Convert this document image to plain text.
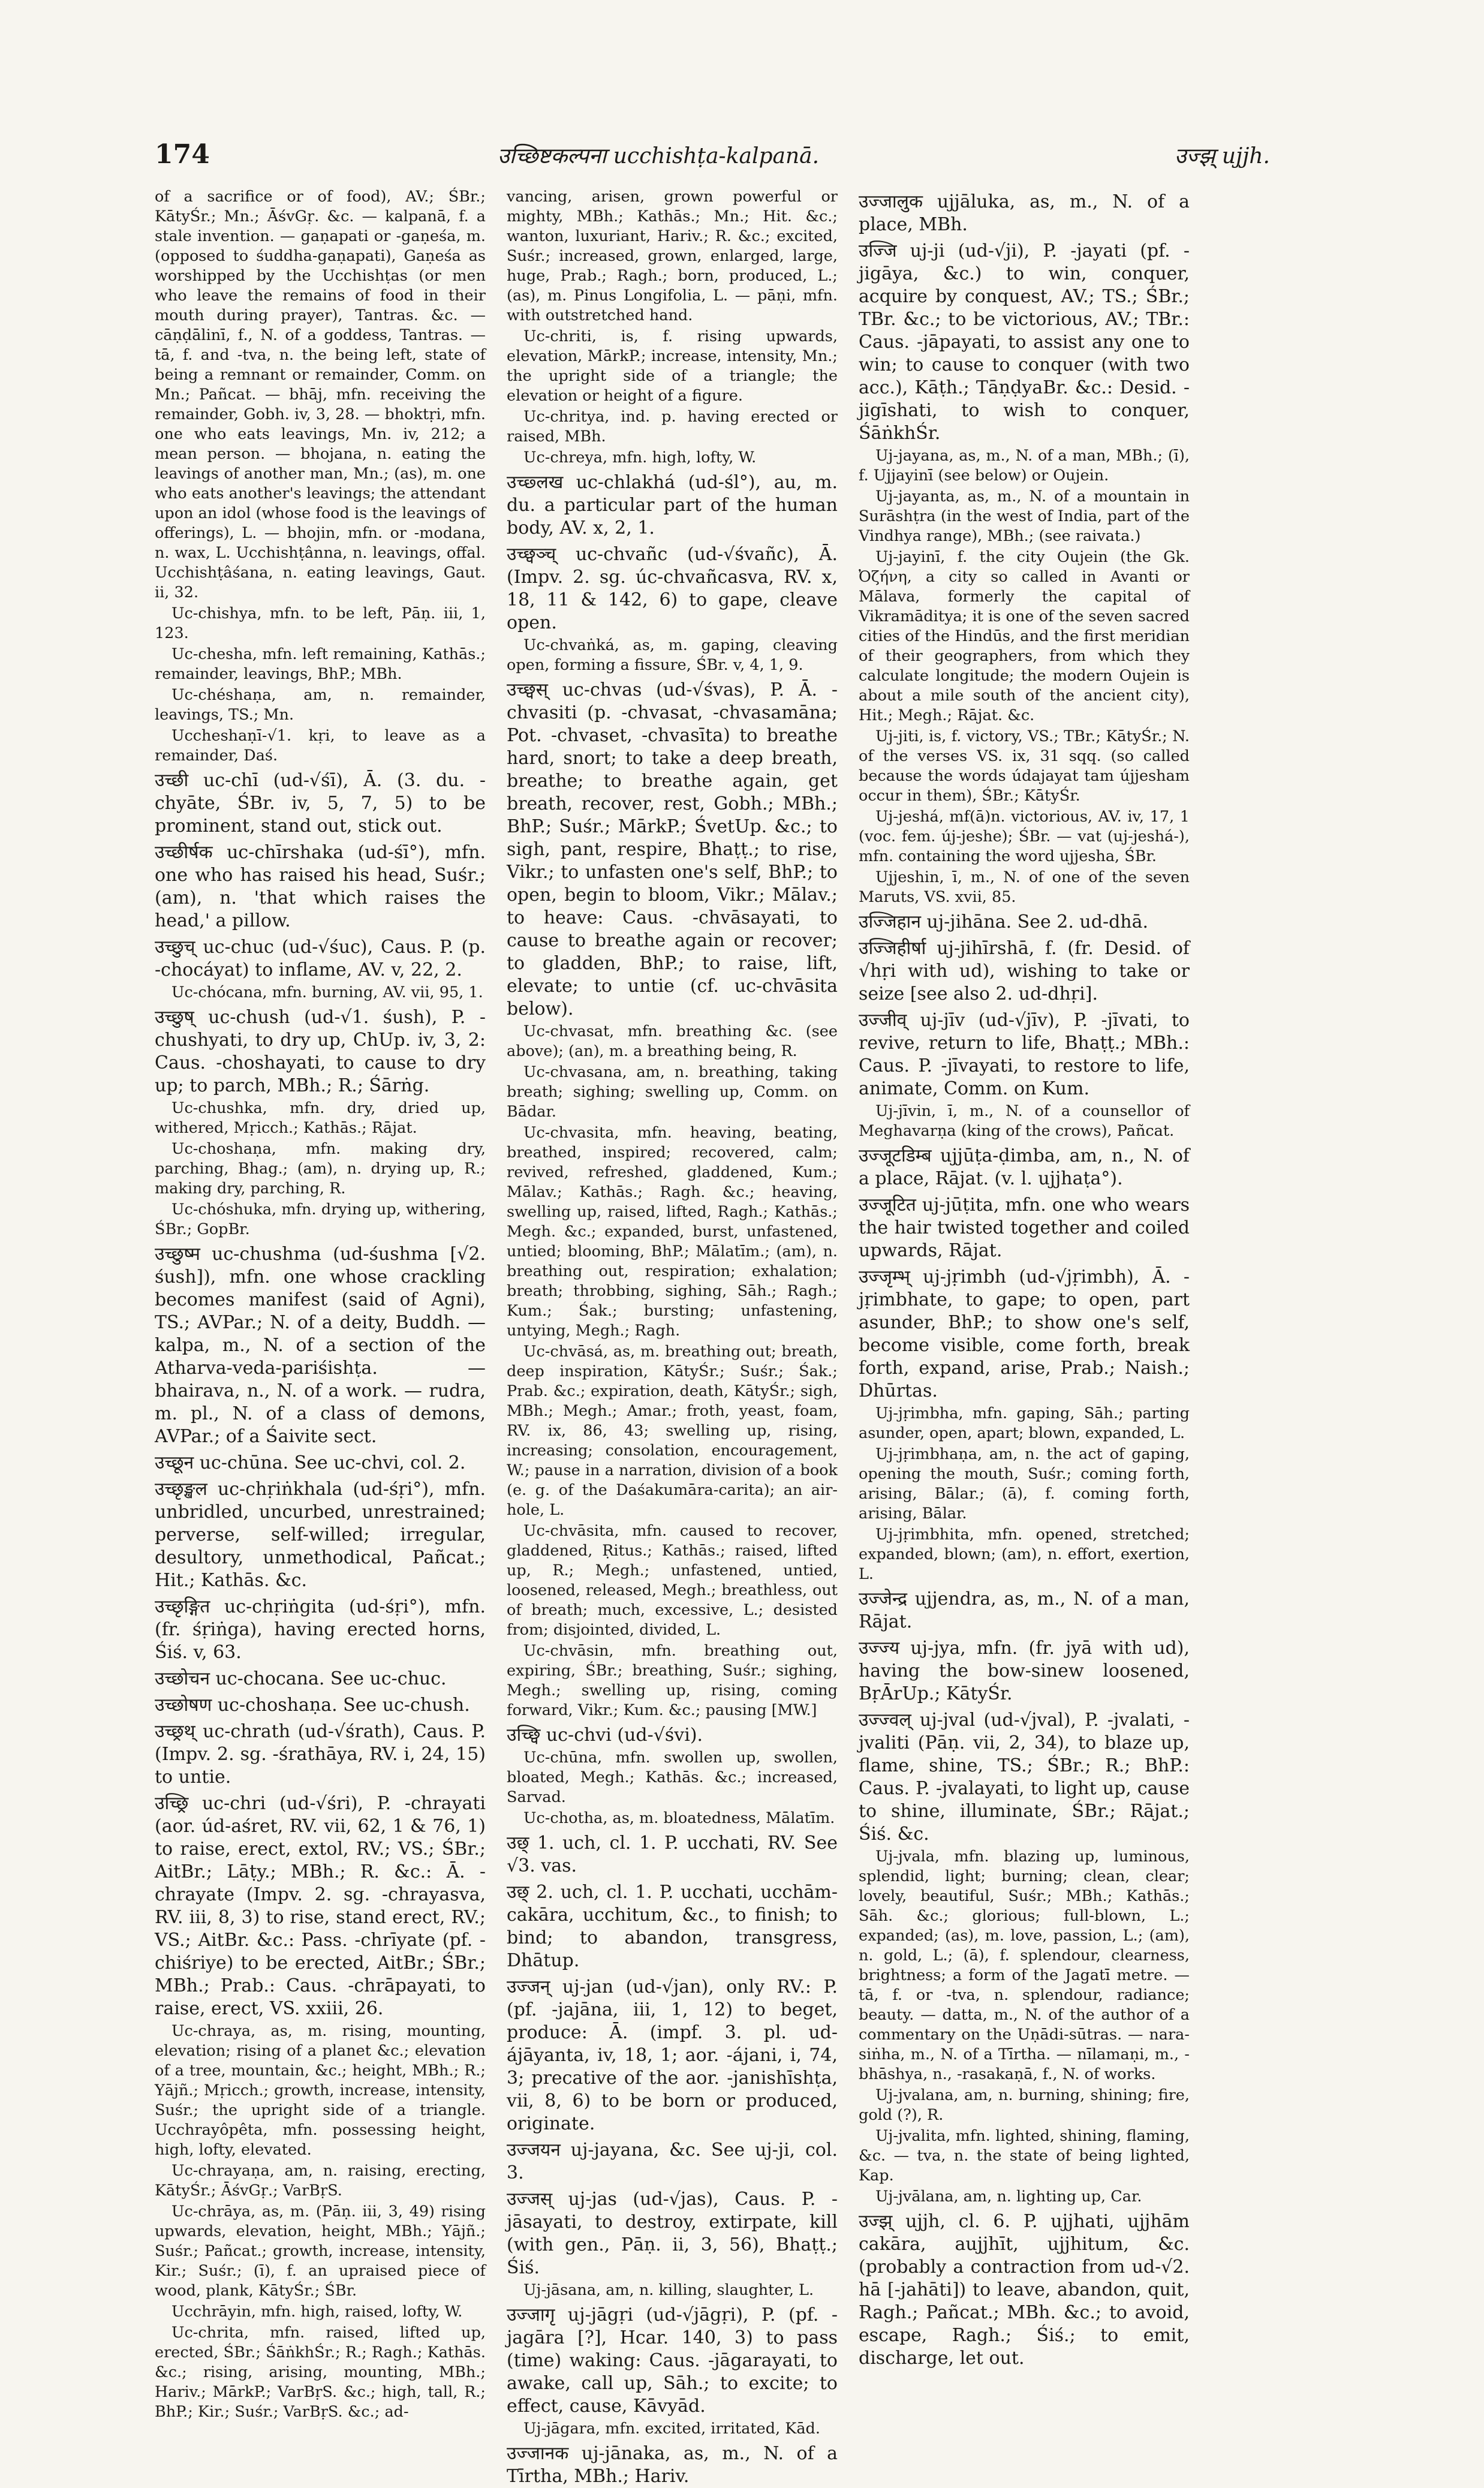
174	उच्छिष्टकल्पना ucchishṭa-kalpanā.	उज्झ् ujjh.

of a sacrifice or of food), AV.; ŚBr.; KātyŚr.; Mn.; ĀśvGṛ. &c. — kalpanā, f. a stale invention. — gaṇapati or -gaṇeśa, m. (opposed to śuddha-gaṇapati), Gaṇeśa as worshipped by the Ucchishṭas (or men who leave the remains of food in their mouth during prayer), Tantras. &c. — cāṇḍālinī, f., N. of a goddess, Tantras. — tā, f. and -tva, n. the being left, state of being a remnant or remainder, Comm. on Mn.; Pañcat. — bhāj, mfn. receiving the remainder, Gobh. iv, 3, 28. — bhoktṛi, mfn. one who eats leavings, Mn. iv, 212; a mean person. — bhojana, n. eating the leavings of another man, Mn.; (as), m. one who eats another's leavings; the attendant upon an idol (whose food is the leavings of offerings), L. — bhojin, mfn. or -modana, n. wax, L. Ucchishṭânna, n. leavings, offal. Ucchishṭâśana, n. eating leavings, Gaut. ii, 32.

Uc-chishya, mfn. to be left, Pāṇ. iii, 1, 123.

Uc-chesha, mfn. left remaining, Kathās.; remainder, leavings, BhP.; MBh.

Uc-chéshaṇa, am, n. remainder, leavings, TS.; Mn.

Uccheshaṇī-√1. kṛi, to leave as a remainder, Daś.

उच्छी uc-chī (ud-√śī), Ā. (3. du. -chyāte, ŚBr. iv, 5, 7, 5) to be prominent, stand out, stick out.

उच्छीर्षक uc-chīrshaka (ud-śī°), mfn. one who has raised his head, Suśr.; (am), n. 'that which raises the head,' a pillow.

उच्छुच् uc-chuc (ud-√śuc), Caus. P. (p. -chocáyat) to inflame, AV. v, 22, 2.

Uc-chócana, mfn. burning, AV. vii, 95, 1.

उच्छुष् uc-chush (ud-√1. śush), P. -chushyati, to dry up, ChUp. iv, 3, 2: Caus. -choshayati, to cause to dry up; to parch, MBh.; R.; Śārṅg.

Uc-chushka, mfn. dry, dried up, withered, Mṛicch.; Kathās.; Rājat.

Uc-choshaṇa, mfn. making dry, parching, Bhag.; (am), n. drying up, R.; making dry, parching, R.

Uc-chóshuka, mfn. drying up, withering, ŚBr.; GopBr.

उच्छुष्म uc-chushma (ud-śushma [√2. śush]), mfn. one whose crackling becomes manifest (said of Agni), TS.; AVPar.; N. of a deity, Buddh. — kalpa, m., N. of a section of the Atharva-veda-pariśishṭa. — bhairava, n., N. of a work. — rudra, m. pl., N. of a class of demons, AVPar.; of a Śaivite sect.

उच्छून uc-chūna. See uc-chvi, col. 2.

उच्छृङ्खल uc-chṛiṅkhala (ud-śṛi°), mfn. unbridled, uncurbed, unrestrained; perverse, self-willed; irregular, desultory, unmethodical, Pañcat.; Hit.; Kathās. &c.

उच्छृङ्गित uc-chṛiṅgita (ud-śṛi°), mfn. (fr. śṛiṅga), having erected horns, Śiś. v, 63.

उच्छोचन uc-chocana. See uc-chuc.

उच्छोषण uc-choshaṇa. See uc-chush.

उच्छ्रथ् uc-chrath (ud-√śrath), Caus. P. (Impv. 2. sg. -śrathāya, RV. i, 24, 15) to untie.

उच्छ्रि uc-chri (ud-√śri), P. -chrayati (aor. úd-aśret, RV. vii, 62, 1 & 76, 1) to raise, erect, extol, RV.; VS.; ŚBr.; AitBr.; Lāṭy.; MBh.; R. &c.: Ā. -chrayate (Impv. 2. sg. -chrayasva, RV. iii, 8, 3) to rise, stand erect, RV.; VS.; AitBr. &c.: Pass. -chrīyate (pf. -chiśriye) to be erected, AitBr.; ŚBr.; MBh.; Prab.: Caus. -chrāpayati, to raise, erect, VS. xxiii, 26.

Uc-chraya, as, m. rising, mounting, elevation; rising of a planet &c.; elevation of a tree, mountain, &c.; height, MBh.; R.; Yājñ.; Mṛicch.; growth, increase, intensity, Suśr.; the upright side of a triangle. Ucchrayôpêta, mfn. possessing height, high, lofty, elevated.

Uc-chrayaṇa, am, n. raising, erecting, KātyŚr.; ĀśvGṛ.; VarBṛS.

Uc-chrāya, as, m. (Pāṇ. iii, 3, 49) rising upwards, elevation, height, MBh.; Yājñ.; Suśr.; Pañcat.; growth, increase, intensity, Kir.; Suśr.; (ī), f. an upraised piece of wood, plank, KātyŚr.; ŚBr.

Ucchrāyin, mfn. high, raised, lofty, W.

Uc-chrita, mfn. raised, lifted up, erected, ŚBr.; ŚāṅkhŚr.; R.; Ragh.; Kathās. &c.; rising, arising, mounting, MBh.; Hariv.; MārkP.; VarBṛS. &c.; high, tall, R.; BhP.; Kir.; Suśr.; VarBṛS. &c.; ad-

vancing, arisen, grown powerful or mighty, MBh.; Kathās.; Mn.; Hit. &c.; wanton, luxuriant, Hariv.; R. &c.; excited, Suśr.; increased, grown, enlarged, large, huge, Prab.; Ragh.; born, produced, L.; (as), m. Pinus Longifolia, L. — pāṇi, mfn. with outstretched hand.

Uc-chriti, is, f. rising upwards, elevation, MārkP.; increase, intensity, Mn.; the upright side of a triangle; the elevation or height of a figure.

Uc-chritya, ind. p. having erected or raised, MBh.

Uc-chreya, mfn. high, lofty, W.

उच्छ्लख uc-chlakhá (ud-śl°), au, m. du. a particular part of the human body, AV. x, 2, 1.

उच्छ्वञ्च् uc-chvañc (ud-√śvañc), Ā. (Impv. 2. sg. úc-chvañcasva, RV. x, 18, 11 & 142, 6) to gape, cleave open.

Uc-chvaṅká, as, m. gaping, cleaving open, forming a fissure, ŚBr. v, 4, 1, 9.

उच्छ्वस् uc-chvas (ud-√śvas), P. Ā. -chvasiti (p. -chvasat, -chvasamāna; Pot. -chvaset, -chvasīta) to breathe hard, snort; to take a deep breath, breathe; to breathe again, get breath, recover, rest, Gobh.; MBh.; BhP.; Suśr.; MārkP.; ŚvetUp. &c.; to sigh, pant, respire, Bhaṭṭ.; to rise, Vikr.; to unfasten one's self, BhP.; to open, begin to bloom, Vikr.; Mālav.; to heave: Caus. -chvāsayati, to cause to breathe again or recover; to gladden, BhP.; to raise, lift, elevate; to untie (cf. uc-chvāsita below).

Uc-chvasat, mfn. breathing &c. (see above); (an), m. a breathing being, R.

Uc-chvasana, am, n. breathing, taking breath; sighing; swelling up, Comm. on Bādar.

Uc-chvasita, mfn. heaving, beating, breathed, inspired; recovered, calm; revived, refreshed, gladdened, Kum.; Mālav.; Kathās.; Ragh. &c.; heaving, swelling up, raised, lifted, Ragh.; Kathās.; Megh. &c.; expanded, burst, unfastened, untied; blooming, BhP.; Mālatīm.; (am), n. breathing out, respiration; exhalation; breath; throbbing, sighing, Sāh.; Ragh.; Kum.; Śak.; bursting; unfastening, untying, Megh.; Ragh.

Uc-chvāsá, as, m. breathing out; breath, deep inspiration, KātyŚr.; Suśr.; Śak.; Prab. &c.; expiration, death, KātyŚr.; sigh, MBh.; Megh.; Amar.; froth, yeast, foam, RV. ix, 86, 43; swelling up, rising, increasing; consolation, encouragement, W.; pause in a narration, division of a book (e. g. of the Daśakumāra-carita); an air-hole, L.

Uc-chvāsita, mfn. caused to recover, gladdened, Ṛitus.; Kathās.; raised, lifted up, R.; Megh.; unfastened, untied, loosened, released, Megh.; breathless, out of breath; much, excessive, L.; desisted from; disjointed, divided, L.

Uc-chvāsin, mfn. breathing out, expiring, ŚBr.; breathing, Suśr.; sighing, Megh.; swelling up, rising, coming forward, Vikr.; Kum. &c.; pausing [MW.]

उच्छ्वि uc-chvi (ud-√śvi).

Uc-chūna, mfn. swollen up, swollen, bloated, Megh.; Kathās. &c.; increased, Sarvad.

Uc-chotha, as, m. bloatedness, Mālatīm.

उछ् 1. uch, cl. 1. P. ucchati, RV. See √3. vas.

उछ् 2. uch, cl. 1. P. ucchati, ucchām-cakāra, ucchitum, &c., to finish; to bind; to abandon, transgress, Dhātup.

उज्जन् uj-jan (ud-√jan), only RV.: P. (pf. -jajāna, iii, 1, 12) to beget, produce: Ā. (impf. 3. pl. ud-ájāyanta, iv, 18, 1; aor. -ájani, i, 74, 3; precative of the aor. -janishīshṭa, vii, 8, 6) to be born or produced, originate.

उज्जयन uj-jayana, &c. See uj-ji, col. 3.

उज्जस् uj-jas (ud-√jas), Caus. P. -jāsayati, to destroy, extirpate, kill (with gen., Pāṇ. ii, 3, 56), Bhaṭṭ.; Śiś.

Uj-jāsana, am, n. killing, slaughter, L.

उज्जागृ uj-jāgṛi (ud-√jāgṛi), P. (pf. -jagāra [?], Hcar. 140, 3) to pass (time) waking: Caus. -jāgarayati, to awake, call up, Sāh.; to excite; to effect, cause, Kāvyād.

Uj-jāgara, mfn. excited, irritated, Kād.

उज्जानक uj-jānaka, as, m., N. of a Tīrtha, MBh.; Hariv.

उज्जालुक ujjāluka, as, m., N. of a place, MBh.

उज्जि uj-ji (ud-√ji), P. -jayati (pf. -jigāya, &c.) to win, conquer, acquire by conquest, AV.; TS.; ŚBr.; TBr. &c.; to be victorious, AV.; TBr.: Caus. -jāpayati, to assist any one to win; to cause to conquer (with two acc.), Kāṭh.; TāṇḍyaBr. &c.: Desid. -jigīshati, to wish to conquer, ŚāṅkhŚr.

Uj-jayana, as, m., N. of a man, MBh.; (ī), f. Ujjayinī (see below) or Oujein.

Uj-jayanta, as, m., N. of a mountain in Surāshṭra (in the west of India, part of the Vindhya range), MBh.; (see raivata.)

Uj-jayinī, f. the city Oujein (the Gk. Ὀζήνη, a city so called in Avanti or Mālava, formerly the capital of Vikramāditya; it is one of the seven sacred cities of the Hindūs, and the first meridian of their geographers, from which they calculate longitude; the modern Oujein is about a mile south of the ancient city), Hit.; Megh.; Rājat. &c.

Uj-jiti, is, f. victory, VS.; TBr.; KātyŚr.; N. of the verses VS. ix, 31 sqq. (so called because the words údajayat tam újjesham occur in them), ŚBr.; KātyŚr.

Uj-jeshá, mf(ā)n. victorious, AV. iv, 17, 1 (voc. fem. új-jeshe); ŚBr. — vat (uj-jeshá-), mfn. containing the word ujjesha, ŚBr.

Ujjeshin, ī, m., N. of one of the seven Maruts, VS. xvii, 85.

उज्जिहान uj-jihāna. See 2. ud-dhā.

उज्जिहीर्षा uj-jihīrshā, f. (fr. Desid. of √hṛi with ud), wishing to take or seize [see also 2. ud-dhṛi].

उज्जीव् uj-jīv (ud-√jīv), P. -jīvati, to revive, return to life, Bhaṭṭ.; MBh.: Caus. P. -jīvayati, to restore to life, animate, Comm. on Kum.

Uj-jīvin, ī, m., N. of a counsellor of Meghavarṇa (king of the crows), Pañcat.

उज्जूटडिम्ब ujjūṭa-ḍimba, am, n., N. of a place, Rājat. (v. l. ujjhaṭa°).

उज्जूटित uj-jūṭita, mfn. one who wears the hair twisted together and coiled upwards, Rājat.

उज्जृम्भ् uj-jṛimbh (ud-√jṛimbh), Ā. -jṛimbhate, to gape; to open, part asunder, BhP.; to show one's self, become visible, come forth, break forth, expand, arise, Prab.; Naish.; Dhūrtas.

Uj-jṛimbha, mfn. gaping, Sāh.; parting asunder, open, apart; blown, expanded, L.

Uj-jṛimbhaṇa, am, n. the act of gaping, opening the mouth, Suśr.; coming forth, arising, Bālar.; (ā), f. coming forth, arising, Bālar.

Uj-jṛimbhita, mfn. opened, stretched; expanded, blown; (am), n. effort, exertion, L.

उज्जेन्द्र ujjendra, as, m., N. of a man, Rājat.

उज्ज्य uj-jya, mfn. (fr. jyā with ud), having the bow-sinew loosened, BṛĀrUp.; KātyŚr.

उज्ज्वल् uj-jval (ud-√jval), P. -jvalati, -jvaliti (Pāṇ. vii, 2, 34), to blaze up, flame, shine, TS.; ŚBr.; R.; BhP.: Caus. P. -jvalayati, to light up, cause to shine, illuminate, ŚBr.; Rājat.; Śiś. &c.

Uj-jvala, mfn. blazing up, luminous, splendid, light; burning; clean, clear; lovely, beautiful, Suśr.; MBh.; Kathās.; Sāh. &c.; glorious; full-blown, L.; expanded; (as), m. love, passion, L.; (am), n. gold, L.; (ā), f. splendour, clearness, brightness; a form of the Jagatī metre. — tā, f. or -tva, n. splendour, radiance; beauty. — datta, m., N. of the author of a commentary on the Uṇādi-sūtras. — nara-siṅha, m., N. of a Tīrtha. — nīlamaṇi, m., -bhāshya, n., -rasakaṇā, f., N. of works.

Uj-jvalana, am, n. burning, shining; fire, gold (?), R.

Uj-jvalita, mfn. lighted, shining, flaming, &c. — tva, n. the state of being lighted, Kap.

Uj-jvālana, am, n. lighting up, Car.

उज्झ् ujjh, cl. 6. P. ujjhati, ujjhām cakāra, aujjhīt, ujjhitum, &c. (probably a contraction from ud-√2. hā [-jahāti]) to leave, abandon, quit, Ragh.; Pañcat.; MBh. &c.; to avoid, escape, Ragh.; Śiś.; to emit, discharge, let out.
